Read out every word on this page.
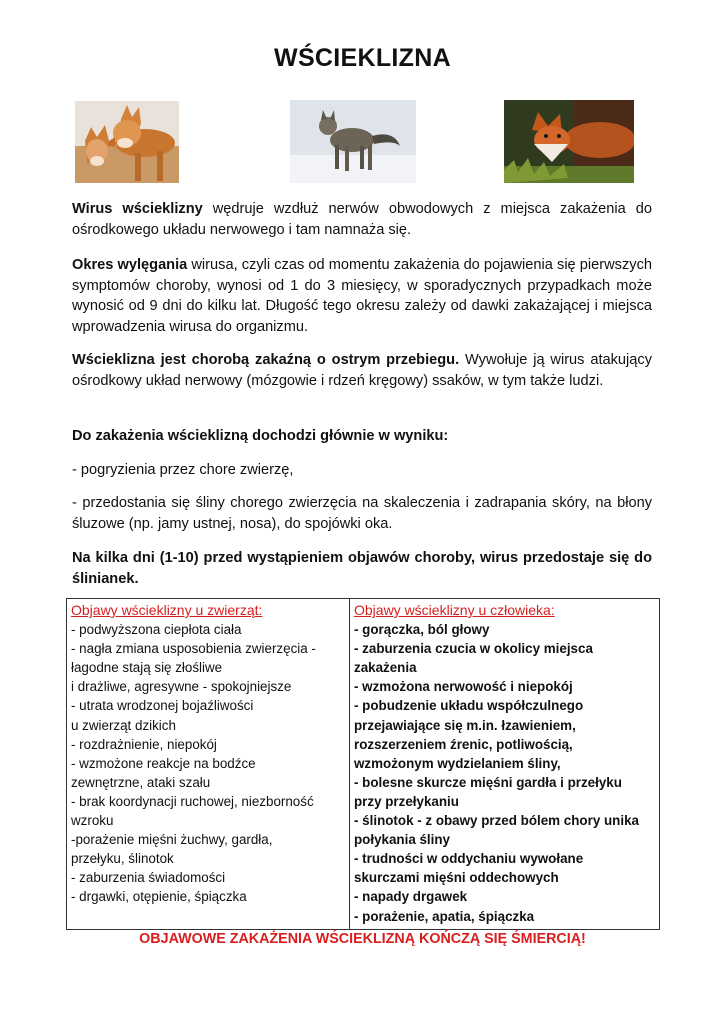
WŚCIEKLIZNA

Wirus wścieklizny wędruje wzdłuż nerwów obwodowych z miejsca zakażenia do ośrodkowego układu nerwowego i tam namnaża się.

Okres wylęgania wirusa, czyli czas od momentu zakażenia do pojawienia się pierwszych symptomów choroby, wynosi od 1 do 3 miesięcy, w sporadycznych przypadkach może wynosić od 9 dni do kilku lat. Długość tego okresu zależy od dawki zakażającej i miejsca wprowadzenia wirusa do organizmu.

Wścieklizna jest chorobą zakaźną o ostrym przebiegu. Wywołuje ją wirus atakujący ośrodkowy układ nerwowy (mózgowie i rdzeń kręgowy) ssaków, w tym także ludzi.

Do zakażenia wścieklizną dochodzi głównie w wyniku:

- pogryzienia przez chore zwierzę,

- przedostania się śliny chorego zwierzęcia na skaleczenia i zadrapania skóry, na błony śluzowe (np. jamy ustnej, nosa), do spojówki oka.

Na kilka dni (1-10) przed wystąpieniem objawów choroby, wirus przedostaje się do ślinianek.

Objawy wścieklizny u zwierząt:
- podwyższona ciepłota ciała
- nagła zmiana usposobienia zwierzęcia -
łagodne stają się złośliwe
i drażliwe, agresywne - spokojniejsze
- utrata wrodzonej bojaźliwości
u zwierząt dzikich
- rozdrażnienie, niepokój
- wzmożone reakcje na bodźce
zewnętrzne, ataki szału
- brak koordynacji ruchowej, niezborność
wzroku
-porażenie mięśni żuchwy, gardła,
przełyku, ślinotok
- zaburzenia świadomości
- drgawki, otępienie, śpiączka

Objawy wścieklizny u człowieka:
- gorączka, ból głowy
- zaburzenia czucia w okolicy miejsca
zakażenia
- wzmożona nerwowość i niepokój
- pobudzenie układu współczulnego
przejawiające się m.in. łzawieniem,
rozszerzeniem źrenic, potliwością,
wzmożonym wydzielaniem śliny,
- bolesne skurcze mięśni gardła i przełyku
przy przełykaniu
- ślinotok - z obawy przed bólem chory unika
połykania śliny
- trudności w oddychaniu wywołane
skurczami mięśni oddechowych
- napady drgawek
- porażenie, apatia, śpiączka
OBJAWOWE ZAKAŻENIA WŚCIEKLIZNĄ KOŃCZĄ SIĘ ŚMIERCIĄ!
